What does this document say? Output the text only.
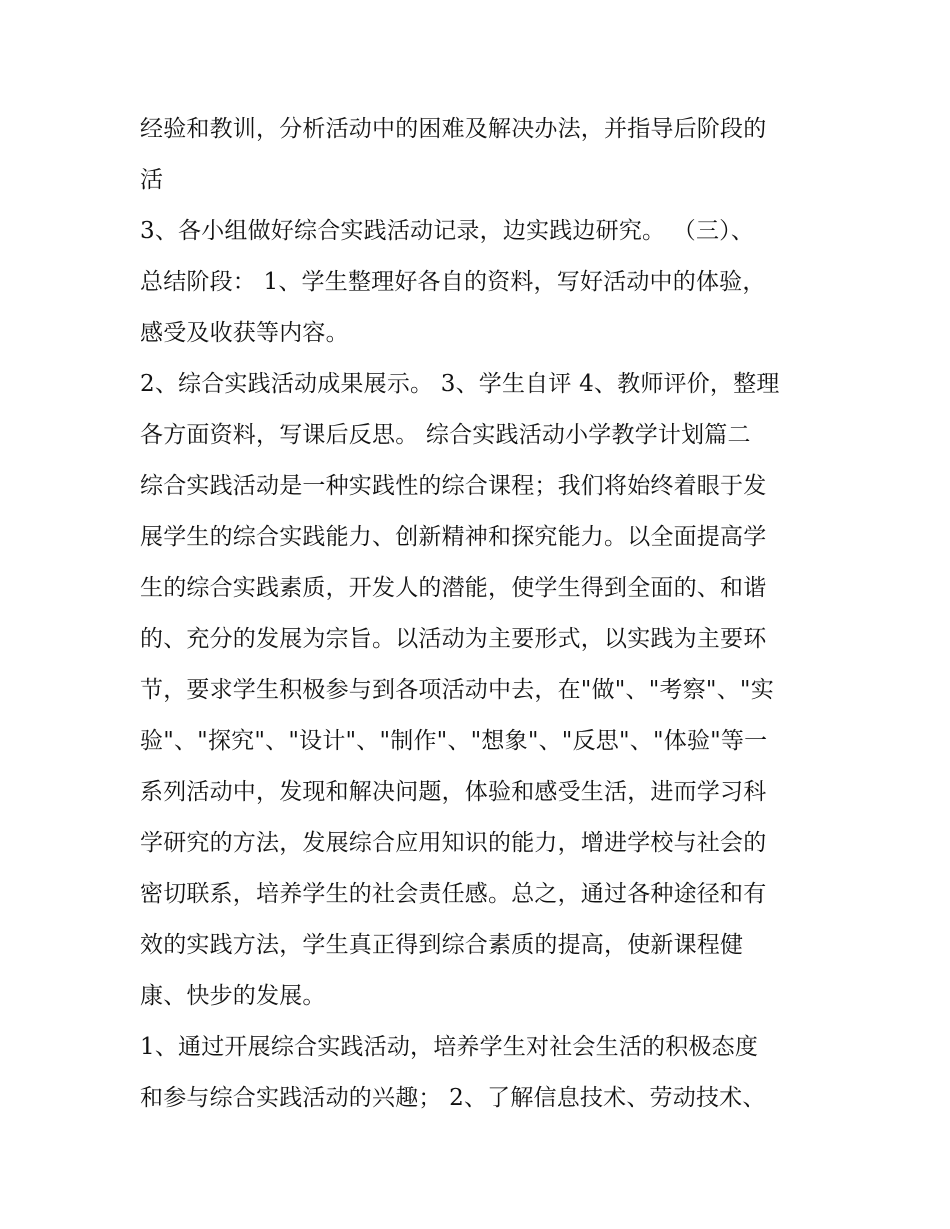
经验和教训，分析活动中的困难及解决办法，并指导后阶段的
活
3、各小组做好综合实践活动记录，边实践边研究。 （三）、
总结阶段： 1、学生整理好各自的资料，写好活动中的体验，
感受及收获等内容。
2、综合实践活动成果展示。 3、学生自评 4、教师评价，整理
各方面资料，写课后反思。 综合实践活动小学教学计划篇二
综合实践活动是一种实践性的综合课程；我们将始终着眼于发
展学生的综合实践能力、创新精神和探究能力。以全面提高学
生的综合实践素质，开发人的潜能，使学生得到全面的、和谐
的、充分的发展为宗旨。以活动为主要形式，以实践为主要环
节，要求学生积极参与到各项活动中去，在"做"、"考察"、"实
验"、"探究"、"设计"、"制作"、"想象"、"反思"、"体验"等一
系列活动中，发现和解决问题，体验和感受生活，进而学习科
学研究的方法，发展综合应用知识的能力，增进学校与社会的
密切联系，培养学生的社会责任感。总之，通过各种途径和有
效的实践方法，学生真正得到综合素质的提高，使新课程健
康、快步的发展。
1、通过开展综合实践活动，培养学生对社会生活的积极态度
和参与综合实践活动的兴趣； 2、了解信息技术、劳动技术、
